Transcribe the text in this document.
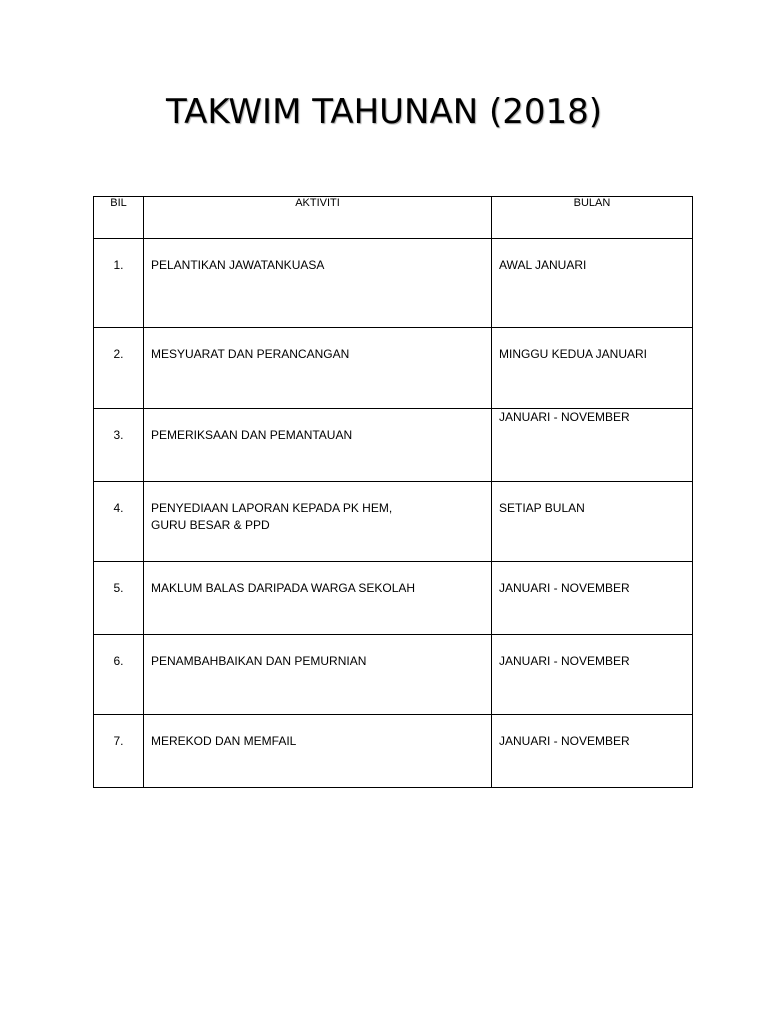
TAKWIM TAHUNAN (2018)
BIL	AKTIVITI	BULAN

1.	PELANTIKAN JAWATANKUASA	AWAL JANUARI

2.	MESYUARAT DAN PERANCANGAN	MINGGU KEDUA JANUARI

3.	PEMERIKSAAN DAN PEMANTAUAN	JANUARI - NOVEMBER

4.	PENYEDIAAN LAPORAN KEPADA PK HEM,
GURU BESAR & PPD	SETIAP BULAN

5.	MAKLUM BALAS DARIPADA WARGA SEKOLAH	JANUARI - NOVEMBER

6.	PENAMBAHBAIKAN DAN PEMURNIAN	JANUARI - NOVEMBER

7.	MEREKOD DAN MEMFAIL	JANUARI - NOVEMBER
